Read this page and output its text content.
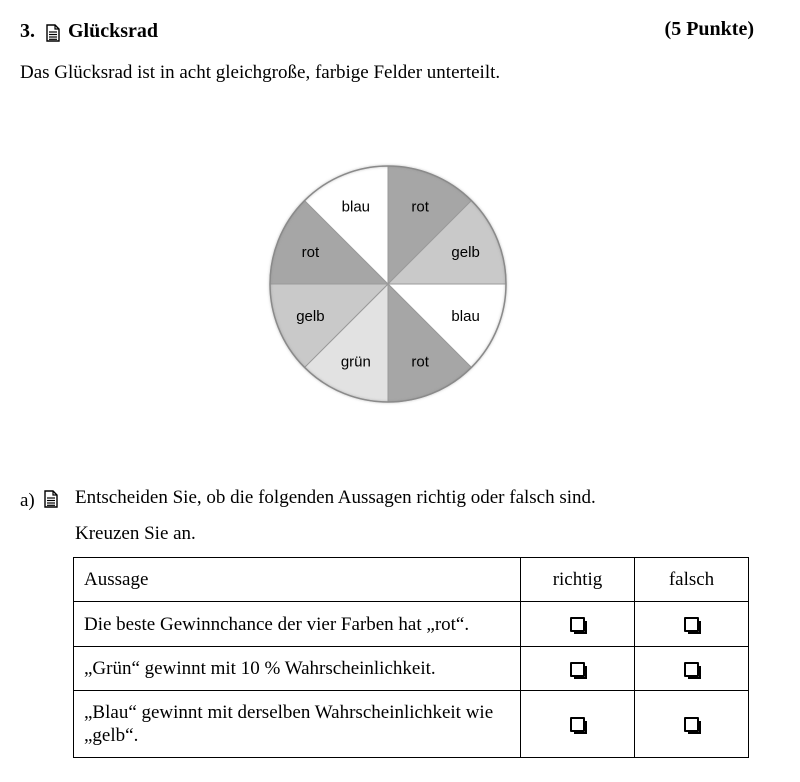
3. Glücksrad	(5 Punkte)
Das Glücksrad ist in acht gleichgroße, farbige Felder unterteilt.
rot
gelb
blau
rot
grün
gelb
rot
blau
a) Entscheiden Sie, ob die folgenden Aussagen richtig oder falsch sind.
Kreuzen Sie an.
Aussage	richtig	falsch
Die beste Gewinnchance der vier Farben hat „rot“.		
„Grün“ gewinnt mit 10 % Wahrscheinlichkeit.		
„Blau“ gewinnt mit derselben Wahrscheinlichkeit wie „gelb“.		
